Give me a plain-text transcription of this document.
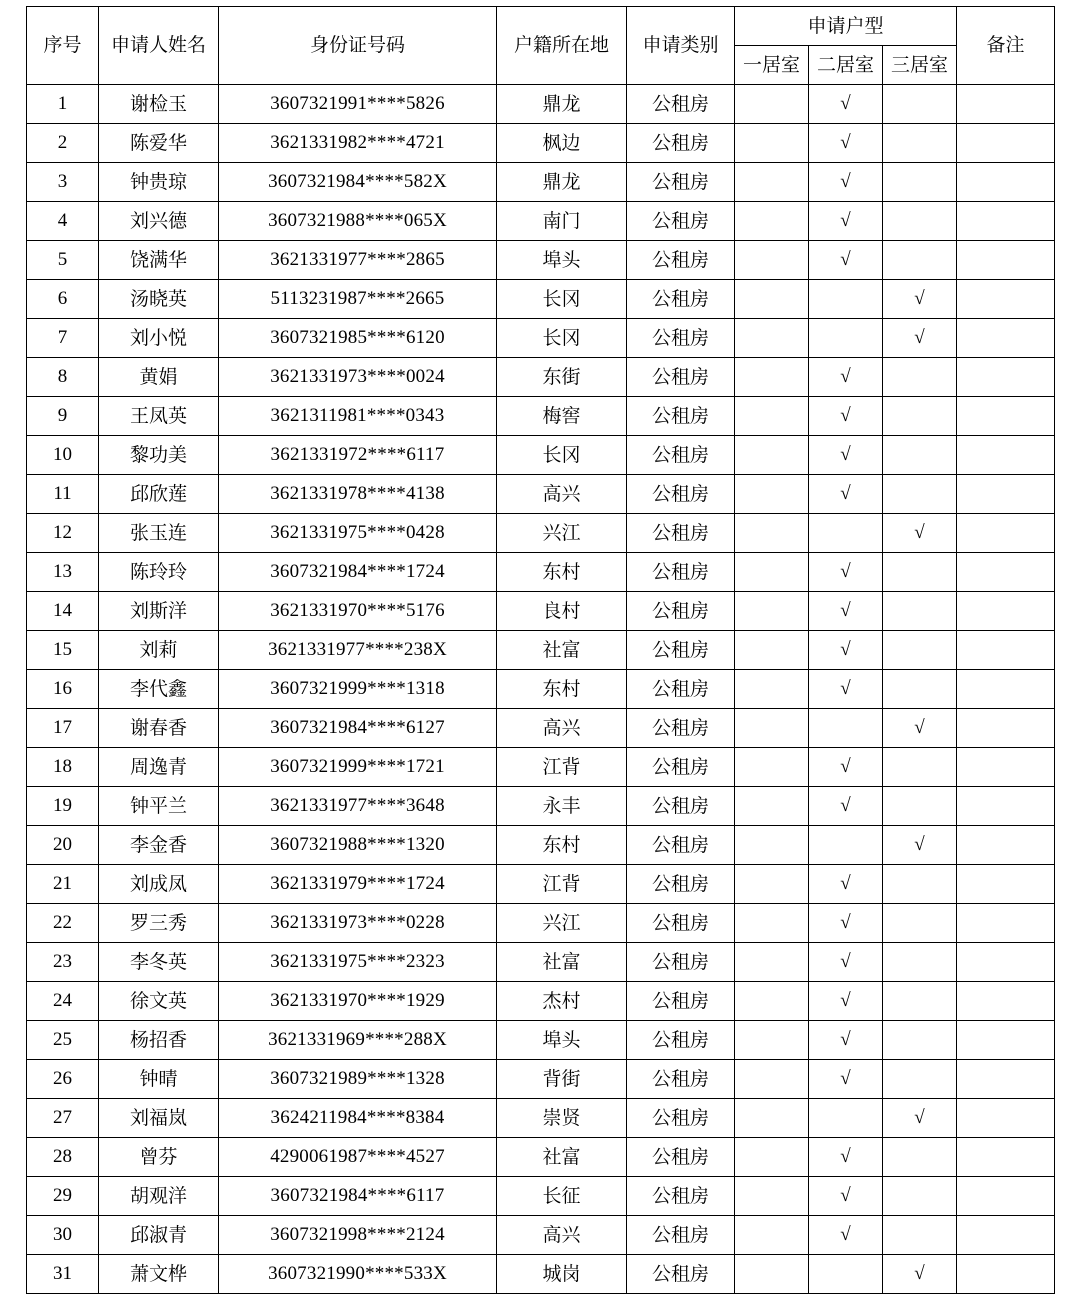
序号	申请人姓名	身份证号码	户籍所在地	申请类别	申请户型			备注
					一居室	二居室	三居室	
1	谢检玉	3607321991****5826	鼎龙	公租房		√		
2	陈爱华	3621331982****4721	枫边	公租房		√		
3	钟贵琼	3607321984****582X	鼎龙	公租房		√		
4	刘兴德	3607321988****065X	南门	公租房		√		
5	饶满华	3621331977****2865	埠头	公租房		√		
6	汤晓英	5113231987****2665	长冈	公租房			√	
7	刘小悦	3607321985****6120	长冈	公租房			√	
8	黄娟	3621331973****0024	东街	公租房		√		
9	王凤英	3621311981****0343	梅窖	公租房		√		
10	黎功美	3621331972****6117	长冈	公租房		√		
11	邱欣莲	3621331978****4138	高兴	公租房		√		
12	张玉连	3621331975****0428	兴江	公租房			√	
13	陈玲玲	3607321984****1724	东村	公租房		√		
14	刘斯洋	3621331970****5176	良村	公租房		√		
15	刘莉	3621331977****238X	社富	公租房		√		
16	李代鑫	3607321999****1318	东村	公租房		√		
17	谢春香	3607321984****6127	高兴	公租房			√	
18	周逸青	3607321999****1721	江背	公租房		√		
19	钟平兰	3621331977****3648	永丰	公租房		√		
20	李金香	3607321988****1320	东村	公租房			√	
21	刘成凤	3621331979****1724	江背	公租房		√		
22	罗三秀	3621331973****0228	兴江	公租房		√		
23	李冬英	3621331975****2323	社富	公租房		√		
24	徐文英	3621331970****1929	杰村	公租房		√		
25	杨招香	3621331969****288X	埠头	公租房		√		
26	钟晴	3607321989****1328	背街	公租房		√		
27	刘福岚	3624211984****8384	崇贤	公租房			√	
28	曾芬	4290061987****4527	社富	公租房		√		
29	胡观洋	3607321984****6117	长征	公租房		√		
30	邱淑青	3607321998****2124	高兴	公租房		√		
31	萧文桦	3607321990****533X	城岗	公租房			√	
